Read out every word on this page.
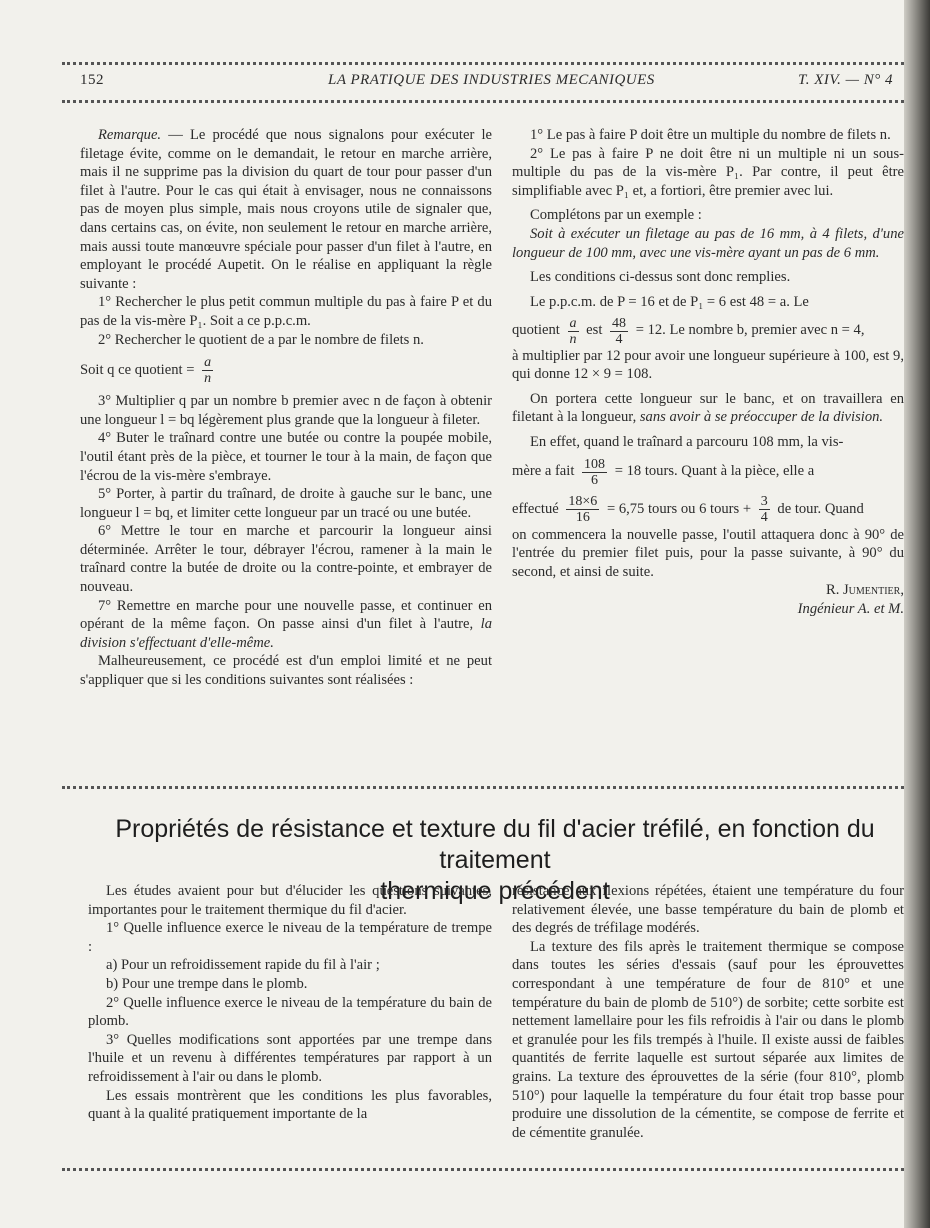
152	LA PRATIQUE DES INDUSTRIES MECANIQUES	T. XIV. — N° 4

Remarque. — Le procédé que nous signalons pour exécuter le filetage évite, comme on le demandait, le retour en marche arrière, mais il ne supprime pas la division du quart de tour pour passer d'un filet à l'autre. Pour le cas qui était à envisager, nous ne connaissons pas de moyen plus simple, mais nous croyons utile de signaler que, dans certains cas, on évite, non seulement le retour en marche arrière, mais aussi toute manœuvre spéciale pour passer d'un filet à l'autre, en employant le procédé Aupetit. On le réalise en appliquant la règle suivante :

1° Rechercher le plus petit commun multiple du pas à faire P et du pas de la vis-mère P₁. Soit a ce p.p.c.m.

2° Rechercher le quotient de a par le nombre de filets n.

Soit q ce quotient = $\frac{a}{n}$

3° Multiplier q par un nombre b premier avec n de façon à obtenir une longueur l = bq légèrement plus grande que la longueur à fileter.

4° Buter le traînard contre une butée ou contre la poupée mobile, l'outil étant près de la pièce, et tourner le tour à la main, de façon que l'écrou de la vis-mère s'embraye.

5° Porter, à partir du traînard, de droite à gauche sur le banc, une longueur l = bq, et limiter cette longueur par un tracé ou une butée.

6° Mettre le tour en marche et parcourir la longueur ainsi déterminée. Arrêter le tour, débrayer l'écrou, ramener à la main le traînard contre la butée de droite ou la contre-pointe, et embrayer de nouveau.

7° Remettre en marche pour une nouvelle passe, et continuer en opérant de la même façon. On passe ainsi d'un filet à l'autre, la division s'effectuant d'elle-même.

Malheureusement, ce procédé est d'un emploi limité et ne peut s'appliquer que si les conditions suivantes sont réalisées :

1° Le pas à faire P doit être un multiple du nombre de filets n.

2° Le pas à faire P ne doit être ni un multiple ni un sous-multiple du pas de la vis-mère P₁. Par contre, il peut être simplifiable avec P₁ et, a fortiori, être premier avec lui.

Complétons par un exemple :

Soit à exécuter un filetage au pas de 16 mm, à 4 filets, d'une longueur de 100 mm, avec une vis-mère ayant un pas de 6 mm.

Les conditions ci-dessus sont donc remplies.

Le p.p.c.m. de P = 16 et de P₁ = 6 est 48 = a. Le

quotient $\frac{a}{n}$ est $\frac{48}{4} = 12$. Le nombre b, premier avec n = 4,

à multiplier par 12 pour avoir une longueur supérieure à 100, est 9, qui donne 12 × 9 = 108.

On portera cette longueur sur le banc, et on travaillera en filetant à la longueur, sans avoir à se préoccuper de la division.

En effet, quand le traînard a parcouru 108 mm, la vis-

mère a fait $\frac{108}{6} = 18$ tours. Quant à la pièce, elle a

effectué $\frac{18\times 6}{16} = 6,75$ tours ou 6 tours + $\frac{3}{4}$ de tour. Quand

on commencera la nouvelle passe, l'outil attaquera donc à 90° de l'entrée du premier filet puis, pour la passe suivante, à 90° du second, et ainsi de suite.

R. Jumentier,

Ingénieur A. et M.

Propriétés de résistance et texture du fil d'acier tréfilé, en fonction du traitement
thermique précédent

Les études avaient pour but d'élucider les questions suivantes, importantes pour le traitement thermique du fil d'acier.

1° Quelle influence exerce le niveau de la température de trempe :

a) Pour un refroidissement rapide du fil à l'air ;

b) Pour une trempe dans le plomb.

2° Quelle influence exerce le niveau de la température du bain de plomb.

3° Quelles modifications sont apportées par une trempe dans l'huile et un revenu à différentes températures par rapport à un refroidissement à l'air ou dans le plomb.

Les essais montrèrent que les conditions les plus favorables, quant à la qualité pratiquement importante de la

résistance aux flexions répétées, étaient une température du four relativement élevée, une basse température du bain de plomb et des degrés de tréfilage modérés.

La texture des fils après le traitement thermique se compose dans toutes les séries d'essais (sauf pour les éprouvettes correspondant à une température de four de 810° et une température du bain de plomb de 510°) de sorbite; cette sorbite est nettement lamellaire pour les fils refroidis à l'air ou dans le plomb et granulée pour les fils trempés à l'huile. Il existe aussi de faibles quantités de ferrite laquelle est surtout séparée aux limites de grains. La texture des éprouvettes de la série (four 810°, plomb 510°) pour laquelle la température du four était trop basse pour produire une dissolution de la cémentite, se compose de ferrite et de cémentite granulée.
